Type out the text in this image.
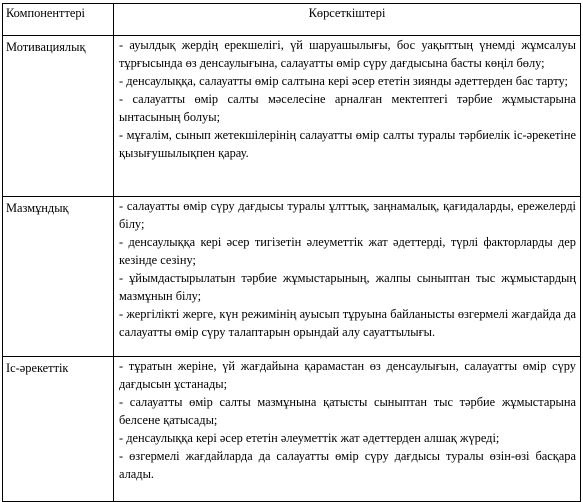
Компоненттері	Көрсеткіштері
Мотивациялық	- ауылдық жердің ерекшелігі, үй шаруашылығы, бос уақыттың үнемді жұмсалуы тұрғысында өз денсаулығына, салауатты өмір сүру дағдысына басты көңіл бөлу;

- денсаулыққа, салауатты өмір салтына кері әсер ететін зиянды әдеттерден бас тарту;

- салауатты өмір салты мәселесіне арналған мектептегі тәрбие жұмыстарына ынтасының болуы;

- мұғалім, сынып жетекшілерінің салауатты өмір салты туралы тәрбиелік іс-әрекетіне қызығушылықпен қарау.

Мазмұндық	- салауатты өмір сүру дағдысы туралы ұлттық, заңнамалық, қағидаларды, ережелерді білу;

- денсаулыққа кері әсер тигізетін әлеуметтік жат әдеттерді, түрлі факторларды дер кезінде сезіну;

- ұйымдастырылатын тәрбие жұмыстарының, жалпы сыныптан тыс жұмыстардың мазмұнын білу;

- жергілікті жерге, күн режимінің ауысып тұруына байланысты өзгермелі жағдайда да салауатты өмір сүру талаптарын орындай алу сауаттылығы.

Іс-әрекеттік	- тұратын жеріне, үй жағдайына қарамастан өз денсаулығын, салауатты өмір сүру дағдысын ұстанады;

- салауатты өмір салты мазмұнына қатысты сыныптан тыс тәрбие жұмыстарына белсене қатысады;

- денсаулыққа кері әсер ететін әлеуметтік жат әдеттерден алшақ жүреді;

- өзгермелі жағдайларда да салауатты өмір сүру дағдысы туралы өзін-өзі басқара алады.
